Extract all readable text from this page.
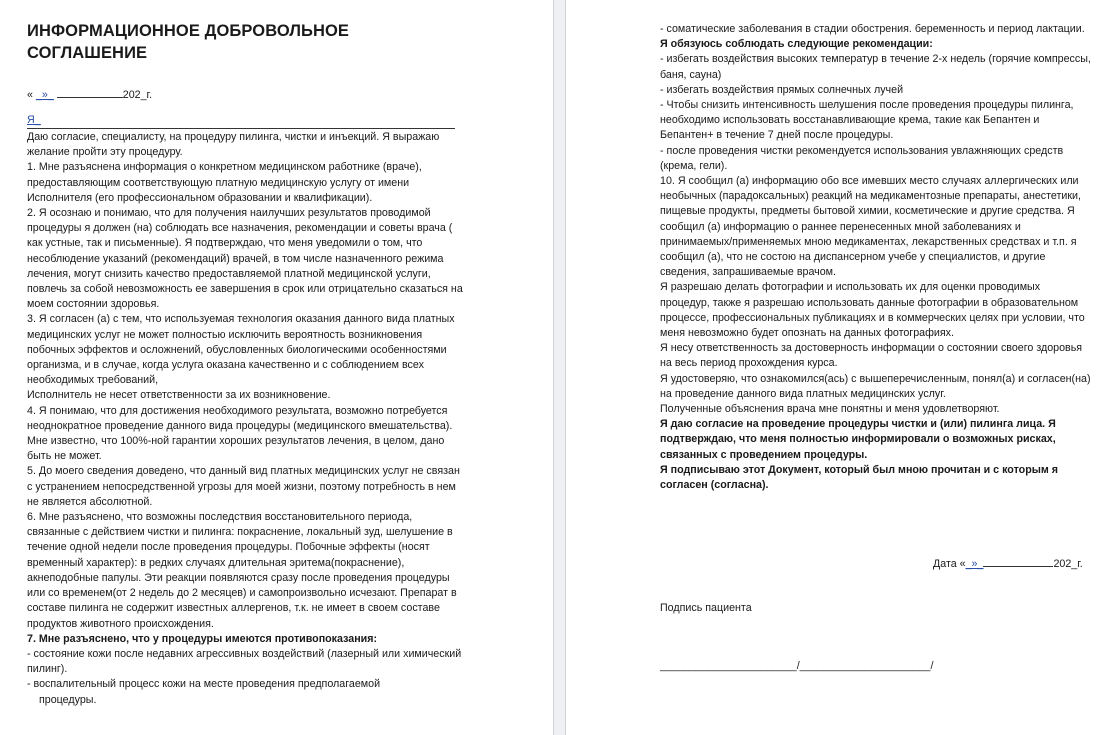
ИНФОРМАЦИОННОЕ ДОБРОВОЛЬНОЕ СОГЛАШЕНИЕ
« _»_	202_г.
Я_
Даю согласие, специалисту, на процедуру пилинга, чистки и инъекций. Я выражаю желание пройти эту процедуру.
1. Мне разъяснена информация о конкретном медицинском работнике (враче), предоставляющим соответствующую платную медицинскую услугу от имени Исполнителя (его профессиональном образовании и квалификации).
2. Я осознаю и понимаю, что для получения наилучших результатов проводимой процедуры я должен (на) соблюдать все назначения, рекомендации и советы врача ( как устные, так и письменные). Я подтверждаю, что меня уведомили о том, что несоблюдение указаний (рекомендаций) врачей, в том числе назначенного режима лечения, могут снизить качество предоставляемой платной медицинской услуги, повлечь за собой невозможность ее завершения в срок или отрицательно сказаться на моем состоянии здоровья.
3. Я согласен (а) с тем, что используемая технология оказания данного вида платных медицинских услуг не может полностью исключить вероятность возникновения побочных эффектов и осложнений, обусловленных биологическими особенностями организма, и в случае, когда услуга оказана качественно и с соблюдением всех необходимых требований,
Исполнитель не несет ответственности за их возникновение.
4. Я понимаю, что для достижения необходимого результата, возможно потребуется неоднократное проведение данного вида процедуры (медицинского вмешательства). Мне известно, что 100%-ной гарантии хороших результатов лечения, в целом, дано быть не может.
5. До моего сведения доведено, что данный вид платных медицинских услуг не связан с устранением непосредственной угрозы для моей жизни, поэтому потребность в нем не является абсолютной.
6. Мне разъяснено, что возможны последствия восстановительного периода, связанные с действием чистки и пилинга: покраснение, локальный зуд, шелушение в течение одной недели после проведения процедуры. Побочные эффекты (носят временный характер): в редких случаях длительная эритема(покраснение), акнеподобные папулы. Эти реакции появляются сразу после проведения процедуры или со временем(от 2 недель до 2 месяцев) и самопроизвольно исчезают. Препарат в составе пилинга не содержит известных аллергенов, т.к. не имеет в своем составе продуктов животного происхождения.
7. Мне разъяснено, что у процедуры имеются противопоказания:
- состояние кожи после недавних агрессивных воздействий (лазерный или химический
пилинг).
- воспалительный процесс кожи на месте проведения предполагаемой
процедуры.
- соматические заболевания в стадии обострения. беременность и период лактации.
Я обязуюсь соблюдать следующие рекомендации:
- избегать воздействия высоких температур в течение 2-х недель (горячие компрессы, баня, сауна)
- избегать воздействия прямых солнечных лучей
- Чтобы снизить интенсивность шелушения после проведения процедуры пилинга, необходимо использовать восстанавливающие крема, такие как Бепантен и Бепантен+ в течение 7 дней после процедуры.
- после проведения чистки рекомендуется использования увлажняющих средств (крема, гели).
10. Я сообщил (а) информацию обо все имевших место случаях аллергических или необычных (парадоксальных) реакций на медикаментозные препараты, анестетики, пищевые продукты, предметы бытовой химии, косметические и другие средства. Я сообщил (а) информацию о раннее перенесенных мной заболеваниях и принимаемых/применяемых мною медикаментах, лекарственных средствах и т.п. я сообщил (а), что не состою на диспансерном учебе у специалистов, и другие сведения, запрашиваемые врачом.
Я разрешаю делать фотографии и использовать их для оценки проводимых процедур, также я разрешаю использовать данные фотографии в образовательном процессе, профессиональных публикациях и в коммерческих целях при условии, что меня невозможно будет опознать на данных фотографиях.
Я несу ответственность за достоверность информации о состоянии своего здоровья на весь период прохождения курса.
Я удостоверяю, что ознакомился(ась) с вышеперечисленным, понял(а) и согласен(на) на проведение данного вида платных медицинских услуг.
Полученные объяснения врача мне понятны и меня удовлетворяют.
Я даю согласие на проведение процедуры чистки и (или) пилинга лица. Я подтверждаю, что меня полностью информировали о возможных рисках, связанных с проведением процедуры.
Я подписываю этот Документ, который был мною прочитан и с которым я согласен (согласна).
Дата «_»_	202_г.
Подпись пациента
_______________________/______________________/
